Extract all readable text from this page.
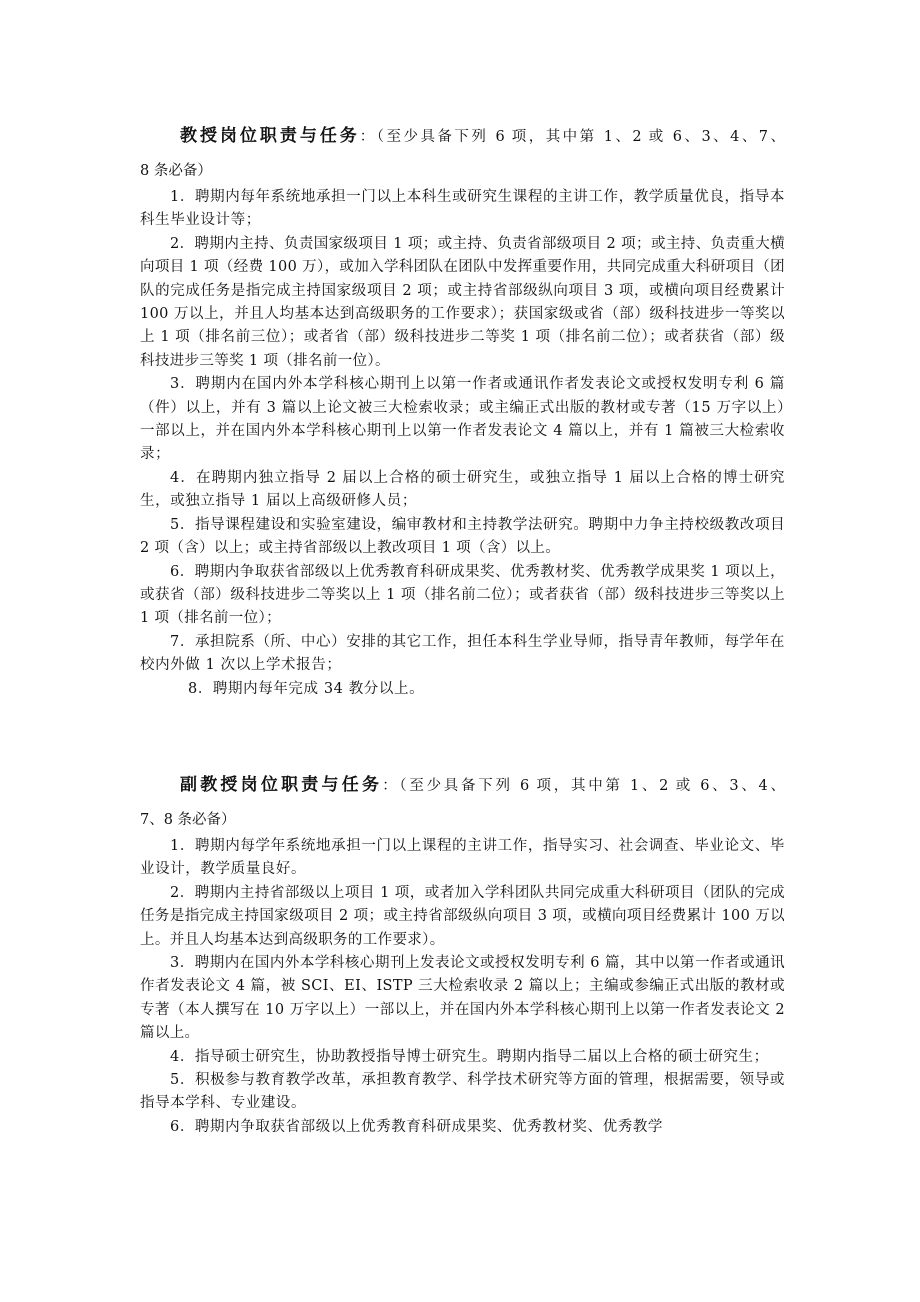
教授岗位职责与任务：（至少具备下列 6 项，其中第 1、2 或 6、3、4、7、
8 条必备）

1．聘期内每年系统地承担一门以上本科生或研究生课程的主讲工作，教学质量优良，指导本科生毕业设计等；

2．聘期内主持、负责国家级项目 1 项；或主持、负责省部级项目 2 项；或主持、负责重大横向项目 1 项（经费 100 万），或加入学科团队在团队中发挥重要作用，共同完成重大科研项目（团队的完成任务是指完成主持国家级项目 2 项；或主持省部级纵向项目 3 项，或横向项目经费累计 100 万以上，并且人均基本达到高级职务的工作要求）；获国家级或省（部）级科技进步一等奖以上 1 项（排名前三位）；或者省（部）级科技进步二等奖 1 项（排名前二位）；或者获省（部）级科技进步三等奖 1 项（排名前一位）。

3．聘期内在国内外本学科核心期刊上以第一作者或通讯作者发表论文或授权发明专利 6 篇（件）以上，并有 3 篇以上论文被三大检索收录；或主编正式出版的教材或专著（15 万字以上）一部以上，并在国内外本学科核心期刊上以第一作者发表论文 4 篇以上，并有 1 篇被三大检索收录；

4．在聘期内独立指导 2 届以上合格的硕士研究生，或独立指导 1 届以上合格的博士研究生，或独立指导 1 届以上高级研修人员；

5．指导课程建设和实验室建设，编审教材和主持教学法研究。聘期中力争主持校级教改项目 2 项（含）以上；或主持省部级以上教改项目 1 项（含）以上。

6．聘期内争取获省部级以上优秀教育科研成果奖、优秀教材奖、优秀教学成果奖 1 项以上，或获省（部）级科技进步二等奖以上 1 项（排名前二位）；或者获省（部）级科技进步三等奖以上 1 项（排名前一位）；

7．承担院系（所、中心）安排的其它工作，担任本科生学业导师，指导青年教师，每学年在校内外做 1 次以上学术报告；

8．聘期内每年完成 34 教分以上。

副教授岗位职责与任务：（至少具备下列 6 项，其中第 1、2 或 6、3、4、
7、8 条必备）

1．聘期内每学年系统地承担一门以上课程的主讲工作，指导实习、社会调查、毕业论文、毕业设计，教学质量良好。

2．聘期内主持省部级以上项目 1 项，或者加入学科团队共同完成重大科研项目（团队的完成任务是指完成主持国家级项目 2 项；或主持省部级纵向项目 3 项，或横向项目经费累计 100 万以上。并且人均基本达到高级职务的工作要求）。

3．聘期内在国内外本学科核心期刊上发表论文或授权发明专利 6 篇，其中以第一作者或通讯作者发表论文 4 篇，被 SCI、EI、ISTP 三大检索收录 2 篇以上；主编或参编正式出版的教材或专著（本人撰写在 10 万字以上）一部以上，并在国内外本学科核心期刊上以第一作者发表论文 2 篇以上。

4．指导硕士研究生，协助教授指导博士研究生。聘期内指导二届以上合格的硕士研究生；

5．积极参与教育教学改革，承担教育教学、科学技术研究等方面的管理，根据需要，领导或指导本学科、专业建设。

6．聘期内争取获省部级以上优秀教育科研成果奖、优秀教材奖、优秀教学
